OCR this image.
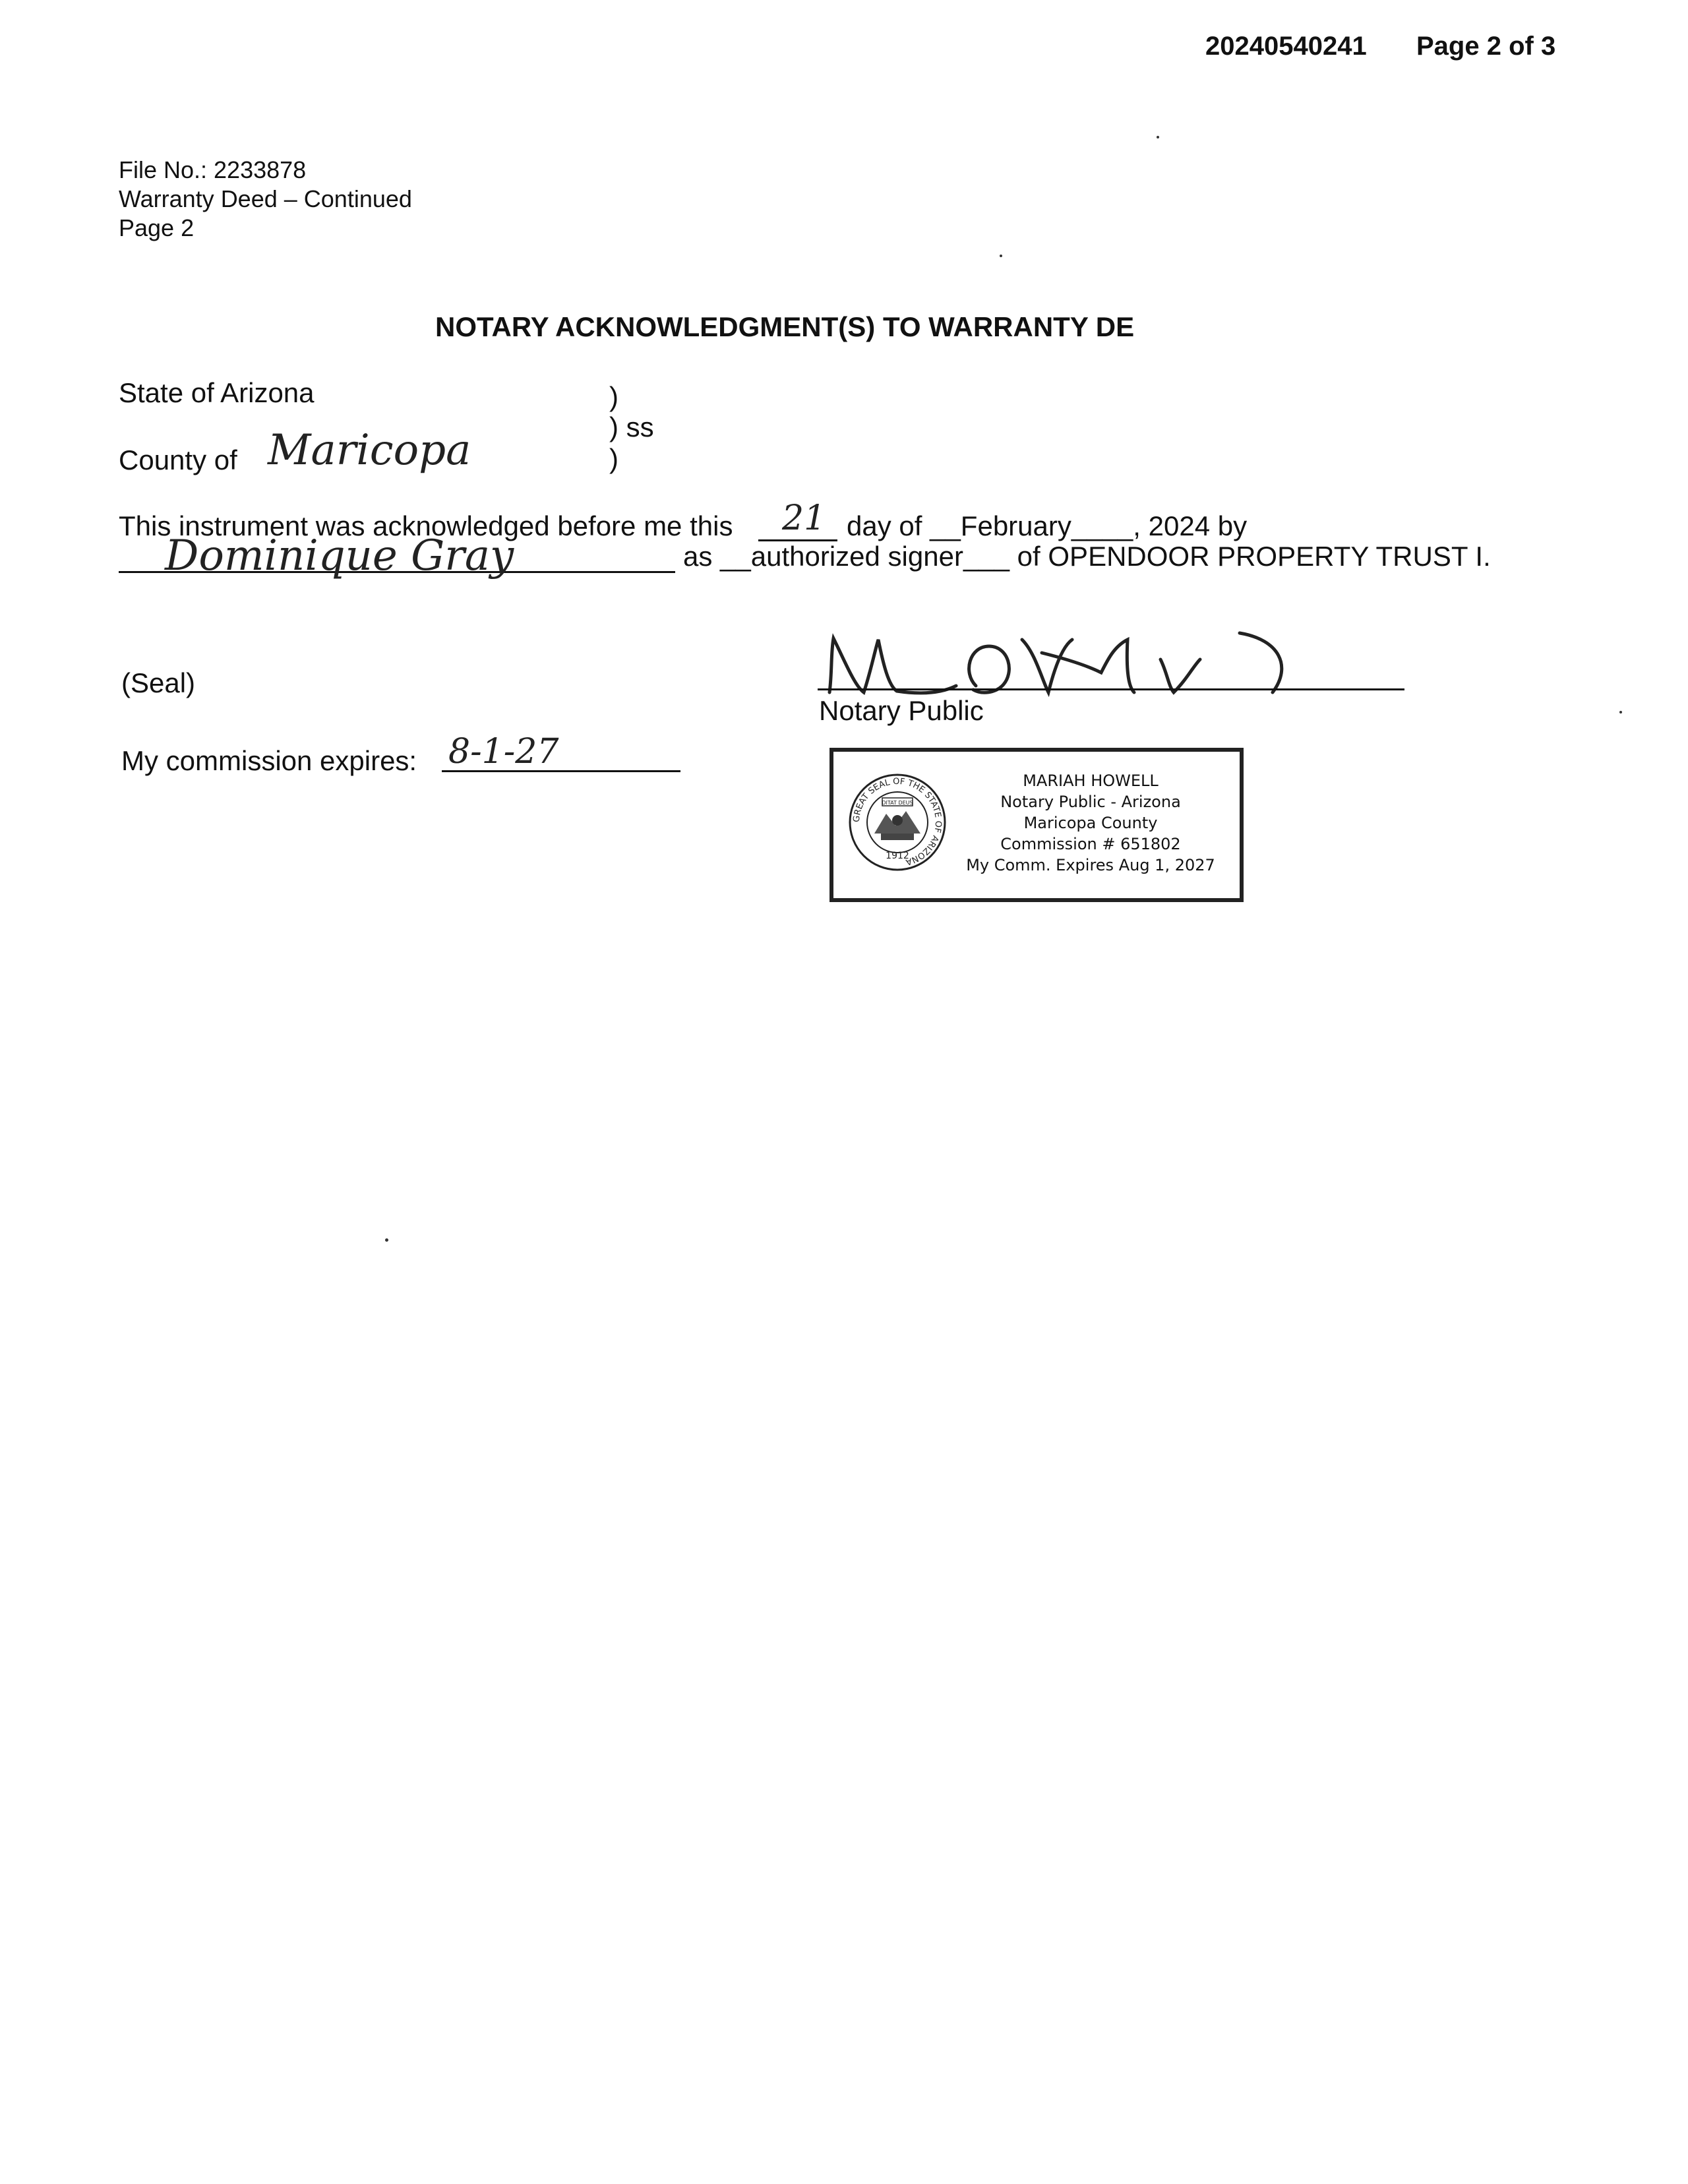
20240540241 Page 2 of 3
File No.: 2233878
Warranty Deed – Continued
Page 2
NOTARY ACKNOWLEDGMENT(S) TO WARRANTY DE
State of Arizona
County of Maricopa
)
) ss
)
This instrument was acknowledged before me this 21 day of __February____, 2024 by
Dominique Gray	as __authorized signer___ of OPENDOOR PROPERTY TRUST I.
(Seal)
Notary Public
My commission expires: 8-1-27
GREAT SEAL OF THE STATE OF ARIZONA
DITAT DEUS
1912
MARIAH HOWELL
Notary Public - Arizona
Maricopa County
Commission # 651802
My Comm. Expires Aug 1, 2027
